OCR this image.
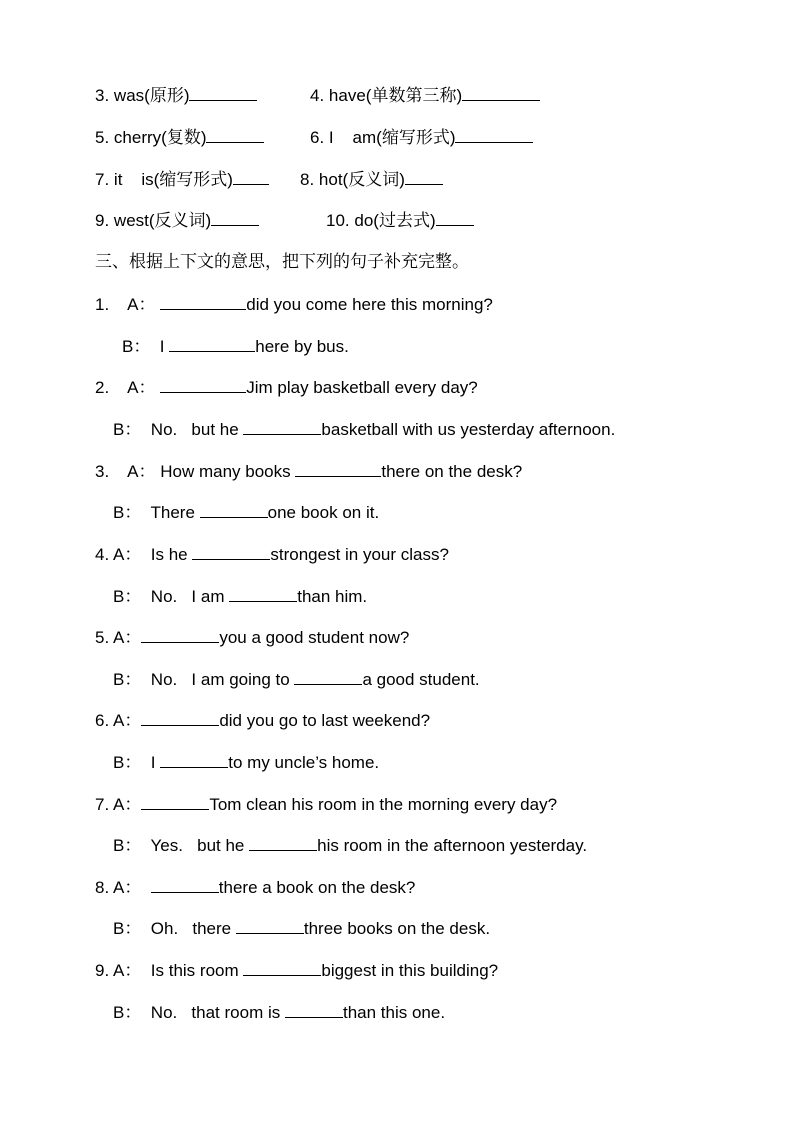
3. was(原形)	4. have(单数第三称)
5. cherry(复数)	6. I    am(缩写形式)
7. it    is(缩写形式)	8. hot(反义词)
9. west(反义词)	10. do(过去式)
三、根据上下文的意思，把下列的句子补充完整。
1. A：	did you come here this morning?
B： I	here by bus.
2. A：	Jim play basketball every day?
B： No.   but he	basketball with us yesterday afternoon.
3. A： How many books	there on the desk?
B： There	one book on it.
4. A： Is he	strongest in your class?
B： No.   I am	than him.
5. A：	you a good student now?
B： No.   I am going to	a good student.
6. A：	did you go to last weekend?
B： I	to my uncle’s home.
7. A：	Tom clean his room in the morning every day?
B： Yes.   but he	his room in the afternoon yesterday.
8. A：	there a book on the desk?
B： Oh.   there	three books on the desk.
9. A： Is this room	biggest in this building?
B： No.   that room is	than this one.
